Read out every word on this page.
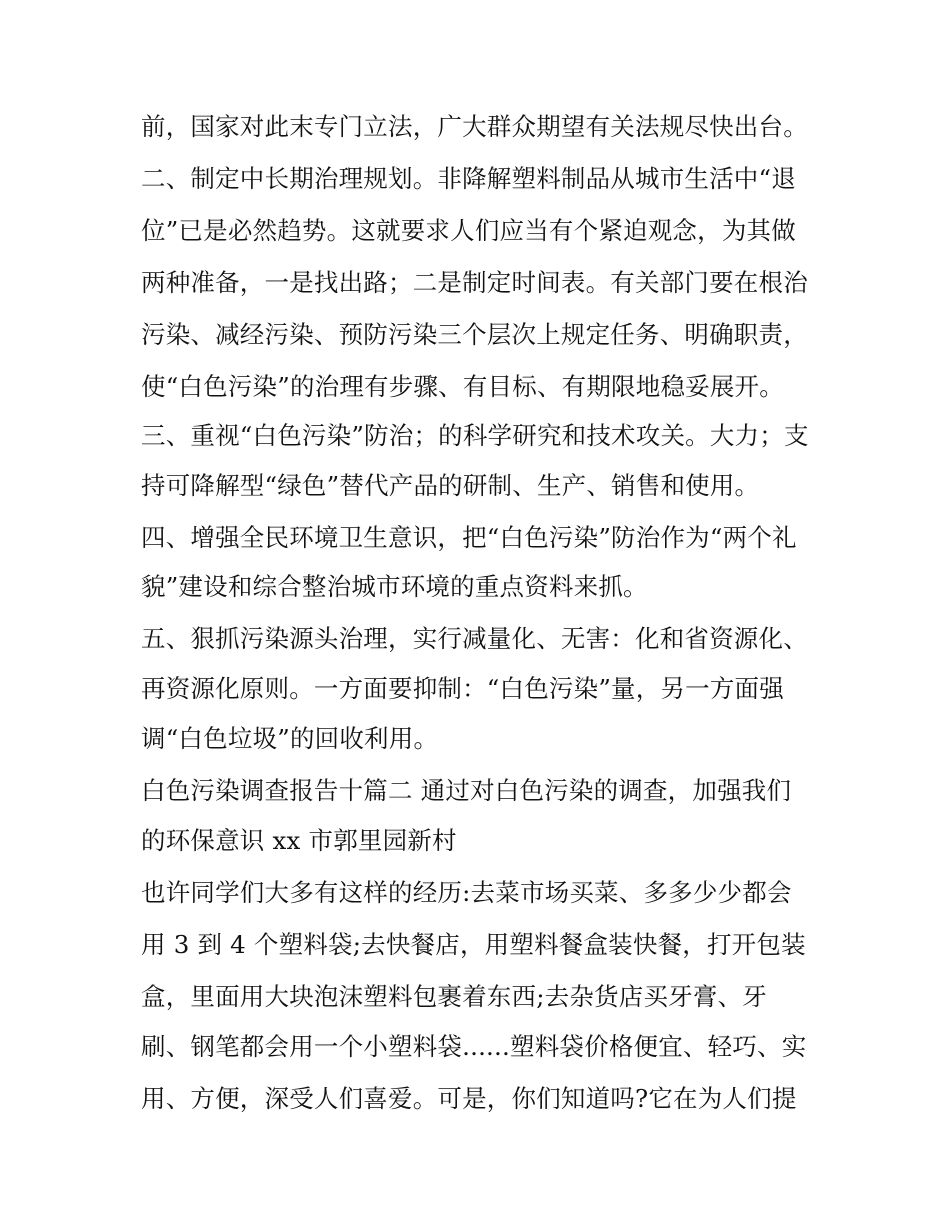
前，国家对此末专门立法，广大群众期望有关法规尽快出台。
二、制定中长期治理规划。非降解塑料制品从城市生活中“退
位”已是必然趋势。这就要求人们应当有个紧迫观念，为其做
两种准备，一是找出路；二是制定时间表。有关部门要在根治
污染、减经污染、预防污染三个层次上规定任务、明确职责，
使“白色污染”的治理有步骤、有目标、有期限地稳妥展开。
三、重视“白色污染”防治；的科学研究和技术攻关。大力；支
持可降解型“绿色”替代产品的研制、生产、销售和使用。
四、增强全民环境卫生意识，把“白色污染”防治作为“两个礼
貌”建设和综合整治城市环境的重点资料来抓。
五、狠抓污染源头治理，实行减量化、无害：化和省资源化、
再资源化原则。一方面要抑制：“白色污染”量，另一方面强
调“白色垃圾”的回收利用。
白色污染调查报告十篇二 通过对白色污染的调查，加强我们
的环保意识 xx 市郭里园新村
也许同学们大多有这样的经历:去菜市场买菜、多多少少都会
用 3 到 4 个塑料袋;去快餐店，用塑料餐盒装快餐，打开包装
盒，里面用大块泡沫塑料包裹着东西;去杂货店买牙膏、牙
刷、钢笔都会用一个小塑料袋......塑料袋价格便宜、轻巧、实
用、方便，深受人们喜爱。可是，你们知道吗?它在为人们提
